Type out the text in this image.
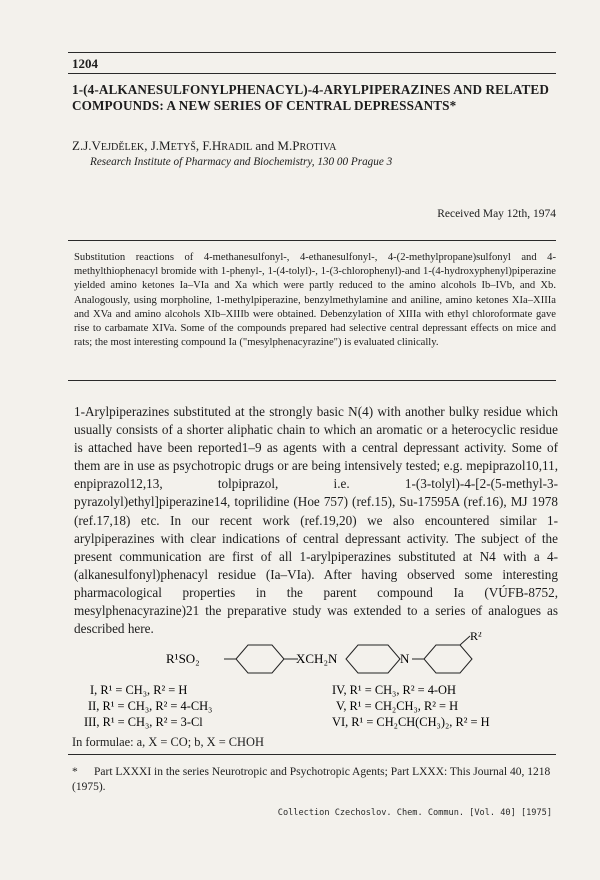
1204
1-(4-ALKANESULFONYLPHENACYL)-4-ARYLPIPERAZINES AND RELATED COMPOUNDS: A NEW SERIES OF CENTRAL DEPRESSANTS*
Z.J.VEJDĚLEK, J.METYŠ, F.HRADIL and M.PROTIVA
Research Institute of Pharmacy and Biochemistry, 130 00 Prague 3
Received May 12th, 1974
Substitution reactions of 4-methanesulfonyl-, 4-ethanesulfonyl-, 4-(2-methylpropane)sulfonyl and 4-methylthiophenacyl bromide with 1-phenyl-, 1-(4-tolyl)-, 1-(3-chlorophenyl)-and 1-(4-hydroxyphenyl)piperazine yielded amino ketones Ia–VIa and Xa which were partly reduced to the amino alcohols Ib–IVb, and Xb. Analogously, using morpholine, 1-methylpiperazine, benzylmethylamine and aniline, amino ketones XIa–XIIIa and XVa and amino alcohols XIb–XIIIb were obtained. Debenzylation of XIIIa with ethyl chloroformate gave rise to carbamate XIVa. Some of the compounds prepared had selective central depressant effects on mice and rats; the most interesting compound Ia ("mesylphenacyrazine") is evaluated clinically.

1-Arylpiperazines substituted at the strongly basic N(4) with another bulky residue which usually consists of a shorter aliphatic chain to which an aromatic or a heterocyclic residue is attached have been reported1–9 as agents with a central depressant activity. Some of them are in use as psychotropic drugs or are being intensively tested; e.g. mepiprazol10,11, enpiprazol12,13, tolpiprazol, i.e. 1-(3-tolyl)-4-[2-(5-methyl-3-pyrazolyl)ethyl]piperazine14, toprilidine (Hoe 757) (ref.15), Su-17595A (ref.16), MJ 1978 (ref.17,18) etc. In our recent work (ref.19,20) we also encountered similar 1-arylpiperazines with clear indications of central depressant activity. The subject of the present communication are first of all 1-arylpiperazines substituted at N4 with a 4-(alkanesulfonyl)phenacyl residue (Ia–VIa). After having observed some interesting pharmacological properties in the parent compound Ia (VÚFB-8752, mesylphenacyrazine)21 the preparative study was extended to a series of analogues as described here.

R¹SO₂	XCH₂N	N
R²
I, R¹ = CH₃, R² = H	IV, R¹ = CH₃, R² = 4-OH
II, R¹ = CH₃, R² = 4-CH₃	V, R¹ = CH₂CH₃, R² = H
III, R¹ = CH₃, R² = 3-Cl	VI, R¹ = CH₂CH(CH₃)₂, R² = H
In formulae: a, X = CO; b, X = CHOH
* Part LXXXI in the series Neurotropic and Psychotropic Agents; Part LXXX: This Journal 40, 1218 (1975).
Collection Czechoslov. Chem. Commun. [Vol. 40] [1975]
